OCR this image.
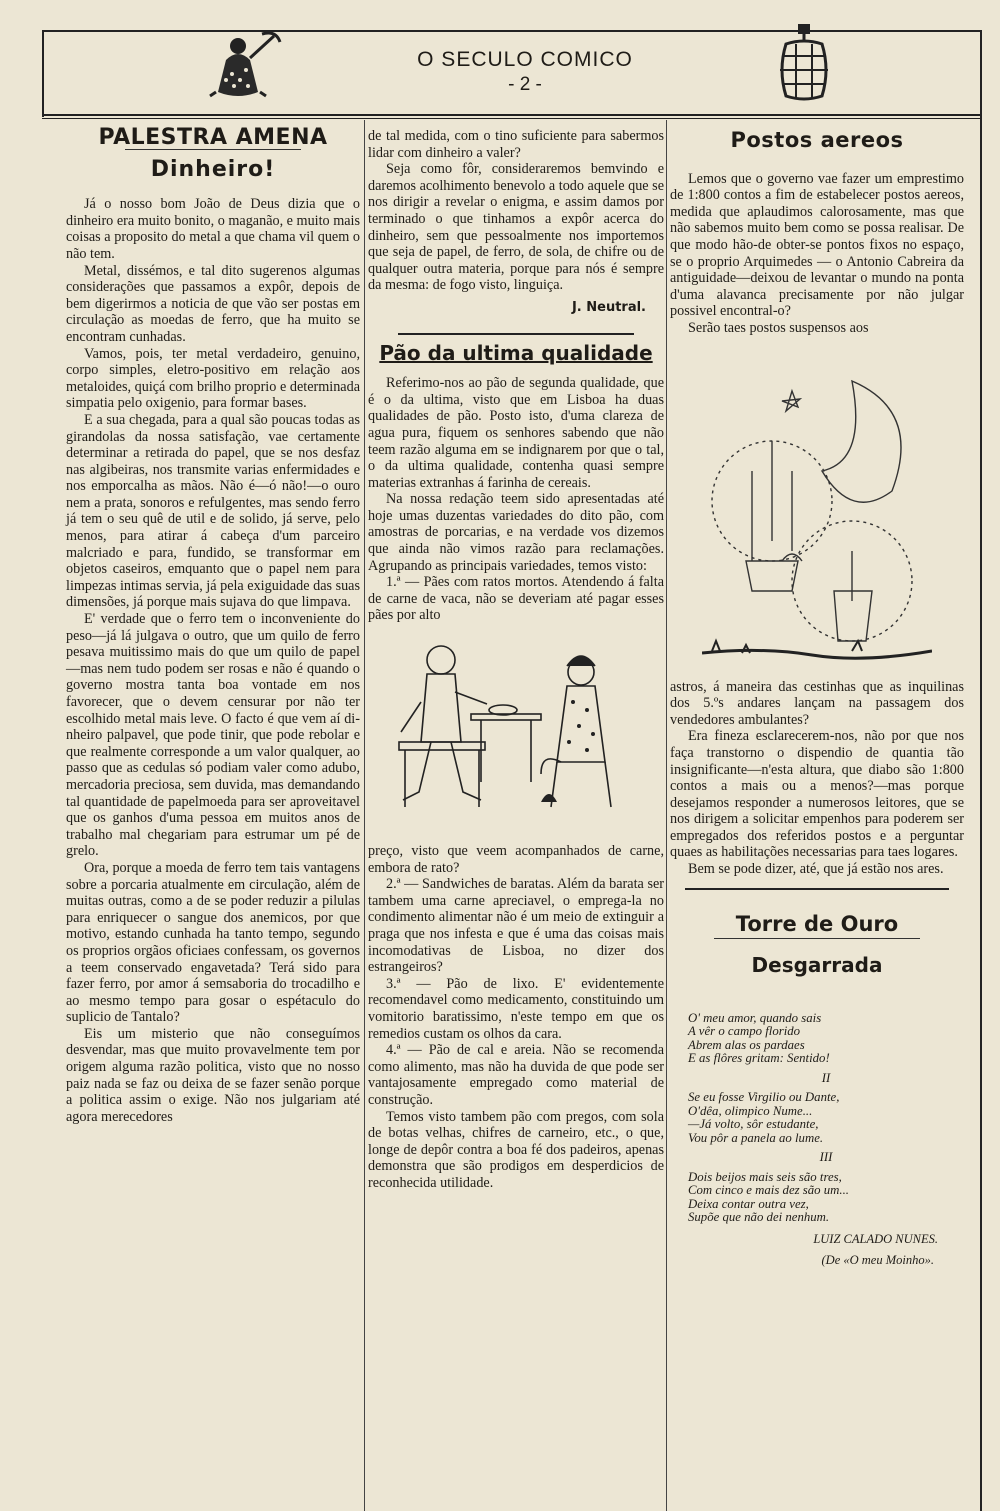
O SECULO COMICO
- 2 -
PALESTRA AMENA
Dinheiro!

Já o nosso bom João de Deus dizia que o dinheiro era muito bonito, o maganão, e muito mais coisas a proposito do metal a que chama vil quem o não tem.

Metal, dissémos, e tal dito sugerenos algumas considerações que passamos a expôr, depois de bem digerirmos a noticia de que vão ser postas em circulação as moedas de ferro, que ha muito se encontram cunhadas.

Vamos, pois, ter metal verdadeiro, genuino, corpo simples, eletro-positivo em relação aos metaloides, quiçá com brilho proprio e determinada simpatia pelo oxigenio, para formar bases.

E a sua chegada, para a qual são poucas todas as girandolas da nossa satisfação, vae certamente determinar a retirada do papel, que se nos desfaz nas algibeiras, nos transmite varias enfermidades e nos emporcalha as mãos. Não é—ó não!—o ouro nem a prata, sonoros e refulgentes, mas sendo ferro já tem o seu quê de util e de solido, já serve, pelo menos, para atirar á cabeça d'um parceiro malcriado e para, fundido, se transformar em objetos caseiros, emquanto que o papel nem para limpezas intimas servia, já pela exiguidade das suas dimensões, já porque mais sujava do que limpava.

E' verdade que o ferro tem o inconveniente do peso—já lá julgava o outro, que um quilo de ferro pesava muitissimo mais do que um quilo de papel —mas nem tudo podem ser rosas e não é quando o governo mostra tanta boa vontade em nos favorecer, que o devem censurar por não ter escolhido metal mais leve. O facto é que vem aí dinheiro palpavel, que pode tinir, que pode rebolar e que realmente corresponde a um valor qualquer, ao passo que as cedulas só podiam valer como adubo, mercadoria preciosa, sem duvida, mas demandando tal quantidade de papelmoeda para ser aproveitavel que os ganhos d'uma pessoa em muitos anos de trabalho mal chegariam para estrumar um pé de grelo.

Ora, porque a moeda de ferro tem tais vantagens sobre a porcaria atualmente em circulação, além de muitas outras, como a de se poder reduzir a pilulas para enriquecer o sangue dos anemicos, por que motivo, estando cunhada ha tanto tempo, segundo os proprios orgãos oficiaes confessam, os governos a teem conservado engavetada? Terá sido para fazer ferro, por amor á semsaboria do trocadilho e ao mesmo tempo para gosar o espétaculo do suplicio de Tantalo?

Eis um misterio que não conseguímos desvendar, mas que muito provavelmente tem por origem alguma razão politica, visto que no nosso paiz nada se faz ou deixa de se fazer senão porque a politica assim o exige. Não nos julgariam até agora merecedores

de tal medida, com o tino suficiente para sabermos lidar com dinheiro a valer?

Seja como fôr, consideraremos bemvindo e daremos acolhimento benevolo a todo aquele que se nos dirigir a revelar o enigma, e assim damos por terminado o que tinhamos a expôr acerca do dinheiro, sem que pessoalmente nos importemos que seja de papel, de ferro, de sola, de chifre ou de qualquer outra materia, porque para nós é sempre da mesma: de fogo visto, linguiça.

J. Neutral.
Pão da ultima qualidade

Referimo-nos ao pão de segunda qualidade, que é o da ultima, visto que em Lisboa ha duas qualidades de pão. Posto isto, d'uma clareza de agua pura, fiquem os senhores sabendo que não teem razão alguma em se indignarem por que o tal, o da ultima qualidade, contenha quasi sempre materias extranhas á farinha de cereais.

Na nossa redação teem sido apresentadas até hoje umas duzentas variedades do dito pão, com amostras de porcarias, e na verdade vos dizemos que ainda não vimos razão para reclamações. Agrupando as principais variedades, temos visto:

1.ª — Pães com ratos mortos. Atendendo á falta de carne de vaca, não se deveriam até pagar esses pães por alto

preço, visto que veem acompanhados de carne, embora de rato?

2.ª — Sandwiches de baratas. Além da barata ser tambem uma carne apreciavel, o emprega-la no condimento alimentar não é um meio de extinguir a praga que nos infesta e que é uma das coisas mais incomodativas de Lisboa, no dizer dos estrangeiros?

3.ª — Pão de lixo. E' evidentemente recomendavel como medicamento, constituindo um vomitorio baratissimo, n'este tempo em que os remedios custam os olhos da cara.

4.ª — Pão de cal e areia. Não se recomenda como alimento, mas não ha duvida de que pode ser vantajosamente empregado como material de construção.

Temos visto tambem pão com pregos, com sola de botas velhas, chifres de carneiro, etc., o que, longe de depôr contra a boa fé dos padeiros, apenas demonstra que são prodigos em desperdicios de reconhecida utilidade.

Postos aereos

Lemos que o governo vae fazer um emprestimo de 1:800 contos a fim de estabelecer postos aereos, medida que aplaudimos calorosamente, mas que não sabemos muito bem como se possa realisar. De que modo hão-de obter-se pontos fixos no espaço, se o proprio Arquimedes — o Antonio Cabreira da antiguidade—deixou de levantar o mundo na ponta d'uma alavanca precisamente por não julgar possivel encontral-o?

Serão taes postos suspensos aos

astros, á maneira das cestinhas que as inquilinas dos 5.ºs andares lançam na passagem dos vendedores ambulantes?

Era fineza esclarecerem-nos, não por que nos faça transtorno o dispendio de quantia tão insignificante—n'esta altura, que diabo são 1:800 contos a mais ou a menos?—mas porque desejamos responder a numerosos leitores, que se nos dirigem a solicitar empenhos para poderem ser empregados dos referidos postos e a perguntar quaes as habilitações necessarias para taes logares.

Bem se pode dizer, até, que já estão nos ares.

Torre de Ouro
Desgarrada
O' meu amor, quando sais
A vêr o campo florido
Abrem alas os pardaes
E as flôres gritam: Sentido!
II
Se eu fosse Virgilio ou Dante,
O'dêa, olimpico Nume...
—Já volto, sôr estudante,
Vou pôr a panela ao lume.
III
Dois beijos mais seis são tres,
Com cinco e mais dez são um...
Deixa contar outra vez,
Supõe que não dei nenhum.
LUIZ CALADO NUNES.
(De «O meu Moinho».
